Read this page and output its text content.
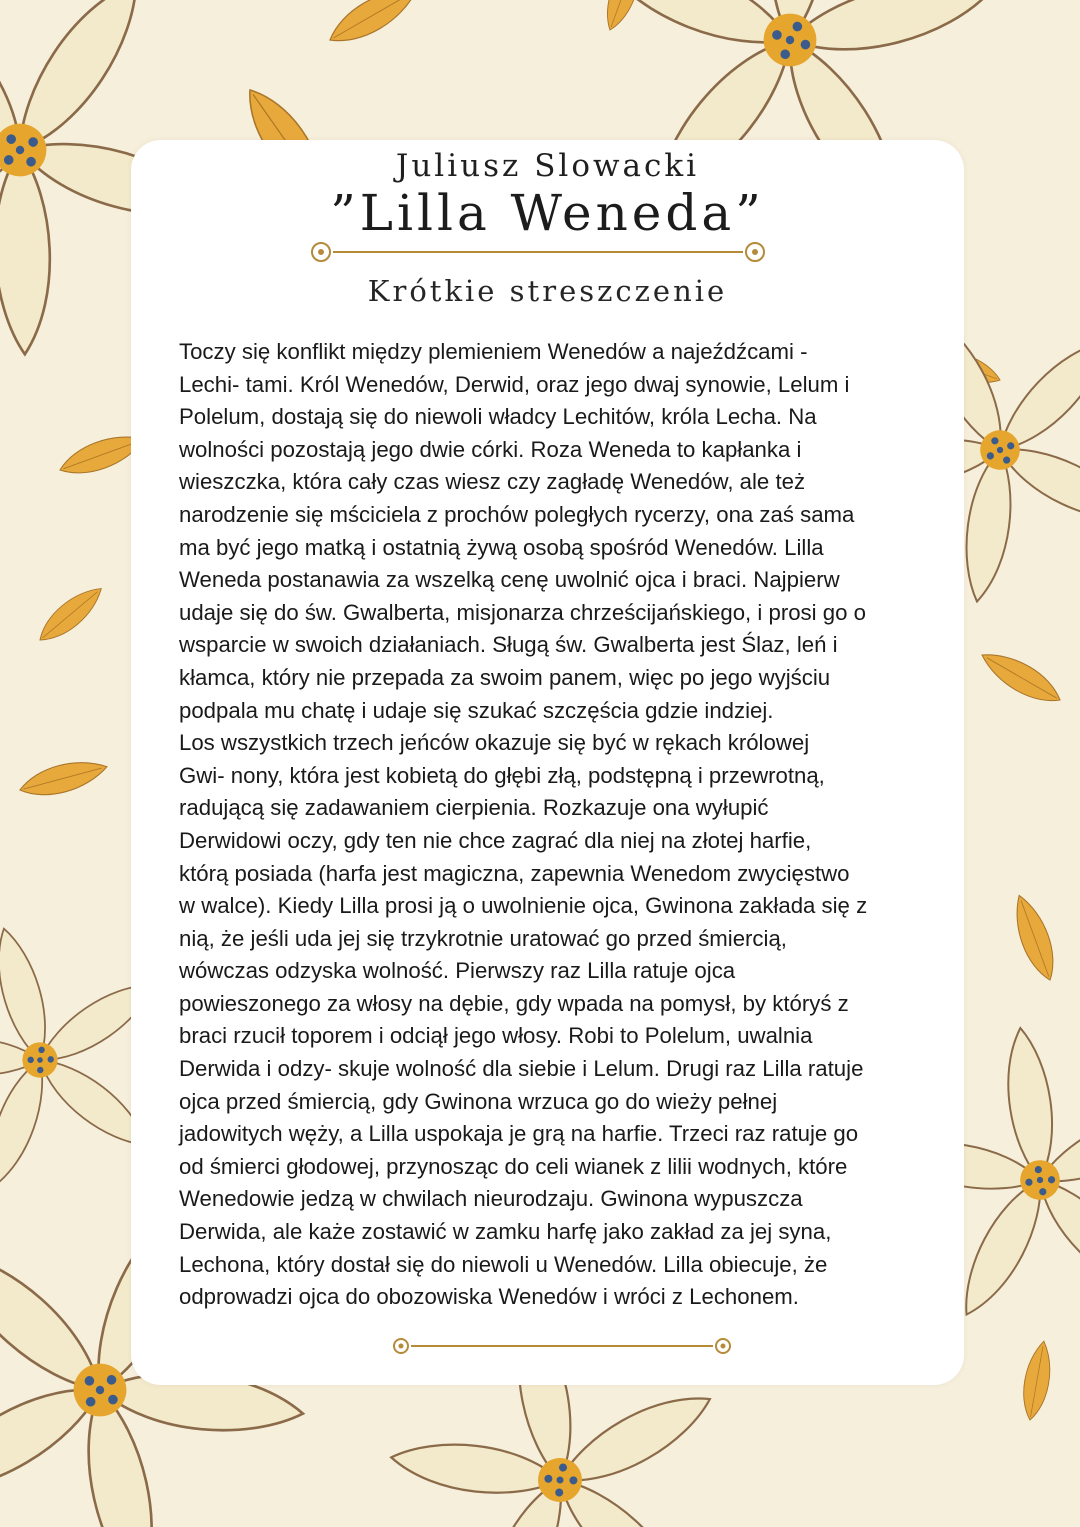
Juliusz Slowacki
”Lilla Weneda”
Krótkie streszczenie

Toczy się konflikt między plemieniem Wenedów a najeźdźcami -
Lechi- tami. Król Wenedów, Derwid, oraz jego dwaj synowie, Lelum i
Polelum, dostają się do niewoli władcy Lechitów, króla Lecha. Na
wolności pozostają jego dwie córki. Roza Weneda to kapłanka i
wieszczka, która cały czas wiesz czy zagładę Wenedów, ale też
narodzenie się mściciela z prochów poległych rycerzy, ona zaś sama
ma być jego matką i ostatnią żywą osobą spośród Wenedów. Lilla
Weneda postanawia za wszelką cenę uwolnić ojca i braci. Najpierw
udaje się do św. Gwalberta, misjonarza chrześcijańskiego, i prosi go o
wsparcie w swoich działaniach. Sługą św. Gwalberta jest Ślaz, leń i
kłamca, który nie przepada za swoim panem, więc po jego wyjściu
podpala mu chatę i udaje się szukać szczęścia gdzie indziej.
Los wszystkich trzech jeńców okazuje się być w rękach królowej
Gwi- nony, która jest kobietą do głębi złą, podstępną i przewrotną,
radującą się zadawaniem cierpienia. Rozkazuje ona wyłupić
Derwidowi oczy, gdy ten nie chce zagrać dla niej na złotej harfie,
którą posiada (harfa jest magiczna, zapewnia Wenedom zwycięstwo
w walce). Kiedy Lilla prosi ją o uwolnienie ojca, Gwinona zakłada się z
nią, że jeśli uda jej się trzykrotnie uratować go przed śmiercią,
wówczas odzyska wolność. Pierwszy raz Lilla ratuje ojca
powieszonego za włosy na dębie, gdy wpada na pomysł, by któryś z
braci rzucił toporem i odciął jego włosy. Robi to Polelum, uwalnia
Derwida i odzy- skuje wolność dla siebie i Lelum. Drugi raz Lilla ratuje
ojca przed śmiercią, gdy Gwinona wrzuca go do wieży pełnej
jadowitych węży, a Lilla uspokaja je grą na harfie. Trzeci raz ratuje go
od śmierci głodowej, przynosząc do celi wianek z lilii wodnych, które
Wenedowie jedzą w chwilach nieurodzaju. Gwinona wypuszcza
Derwida, ale każe zostawić w zamku harfę jako zakład za jej syna,
Lechona, który dostał się do niewoli u Wenedów. Lilla obiecuje, że
odprowadzi ojca do obozowiska Wenedów i wróci z Lechonem.
